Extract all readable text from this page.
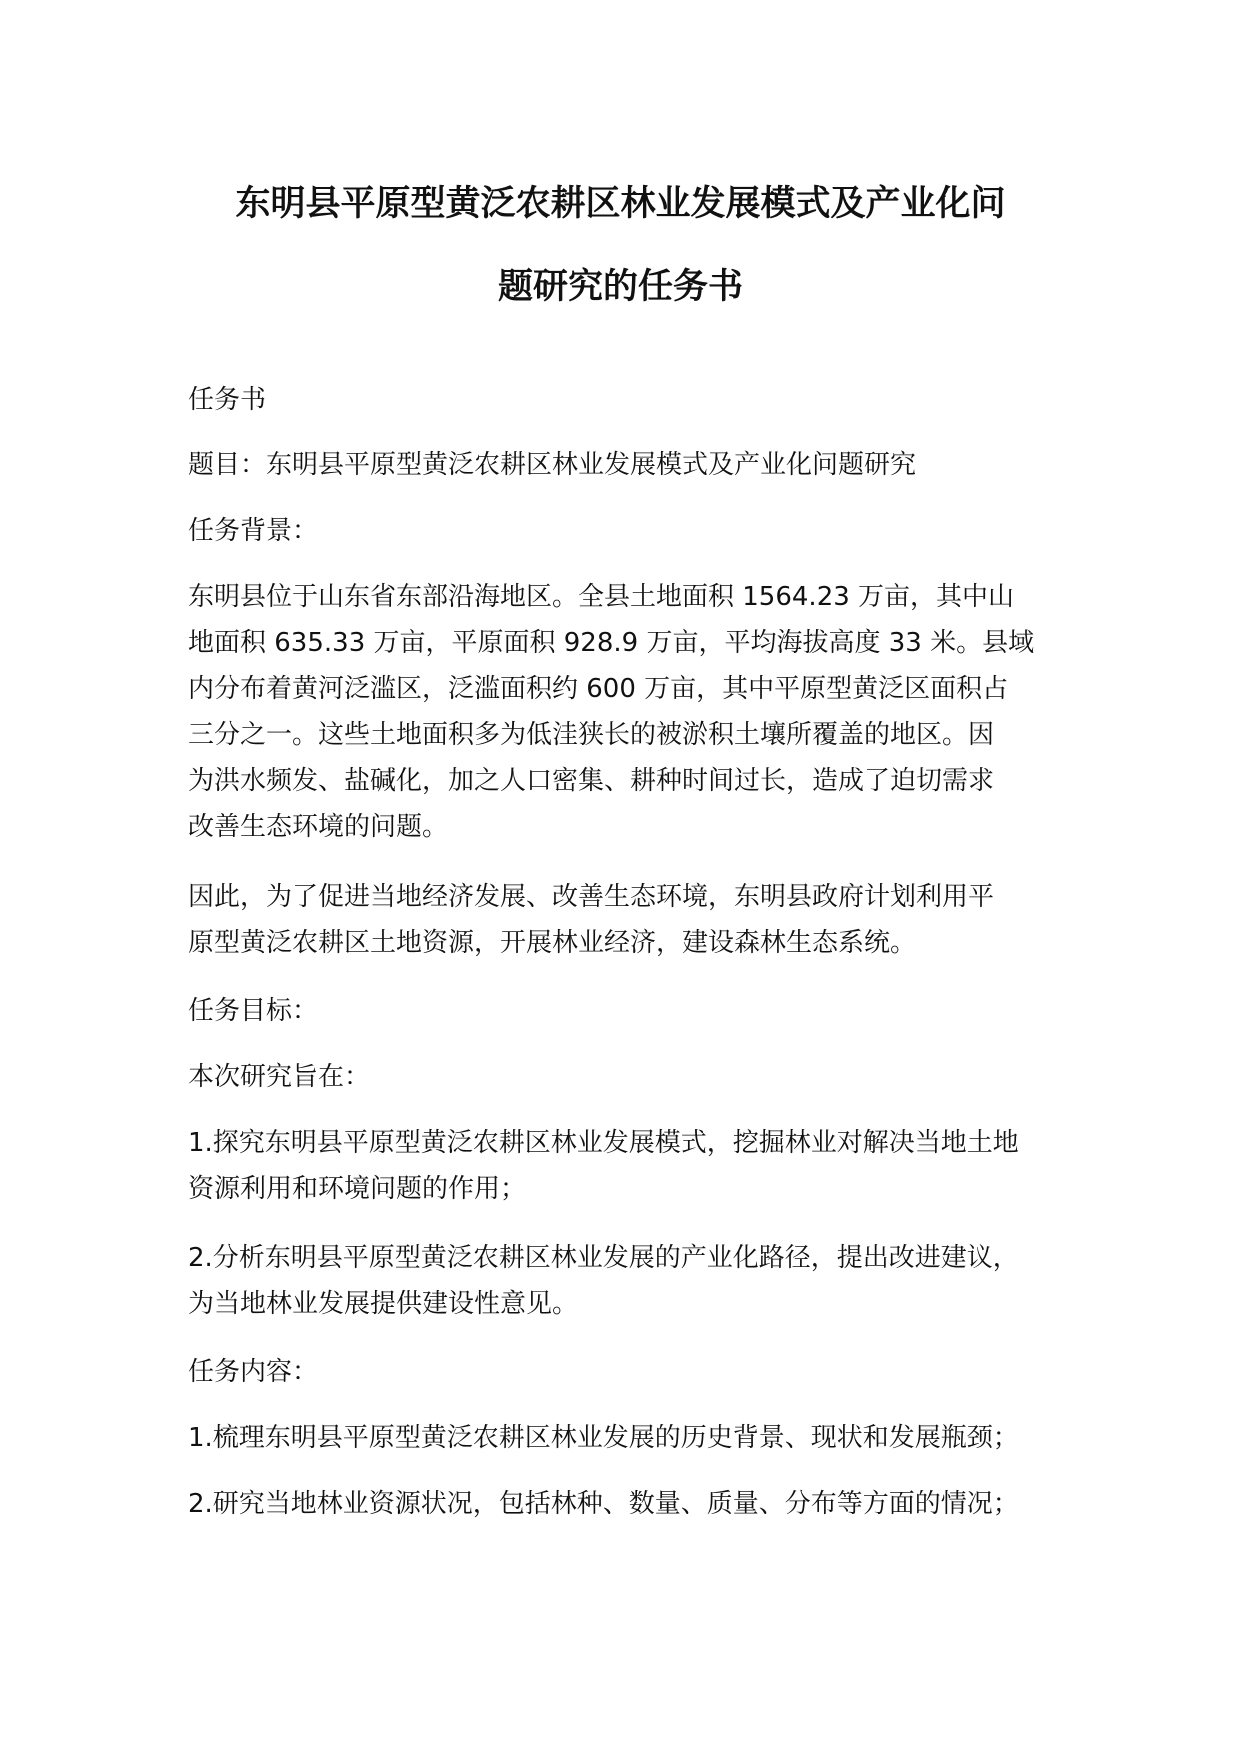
东明县平原型黄泛农耕区林业发展模式及产业化问
题研究的任务书

任务书

题目：东明县平原型黄泛农耕区林业发展模式及产业化问题研究

任务背景：

东明县位于山东省东部沿海地区。全县土地面积 1564.23 万亩，其中山
地面积 635.33 万亩，平原面积 928.9 万亩，平均海拔高度 33 米。县域
内分布着黄河泛滥区，泛滥面积约 600 万亩，其中平原型黄泛区面积占
三分之一。这些土地面积多为低洼狭长的被淤积土壤所覆盖的地区。因
为洪水频发、盐碱化，加之人口密集、耕种时间过长，造成了迫切需求
改善生态环境的问题。

因此，为了促进当地经济发展、改善生态环境，东明县政府计划利用平
原型黄泛农耕区土地资源，开展林业经济，建设森林生态系统。

任务目标：

本次研究旨在：

1.探究东明县平原型黄泛农耕区林业发展模式，挖掘林业对解决当地土地
资源利用和环境问题的作用；

2.分析东明县平原型黄泛农耕区林业发展的产业化路径，提出改进建议，
为当地林业发展提供建设性意见。

任务内容：

1.梳理东明县平原型黄泛农耕区林业发展的历史背景、现状和发展瓶颈；

2.研究当地林业资源状况，包括林种、数量、质量、分布等方面的情况；
